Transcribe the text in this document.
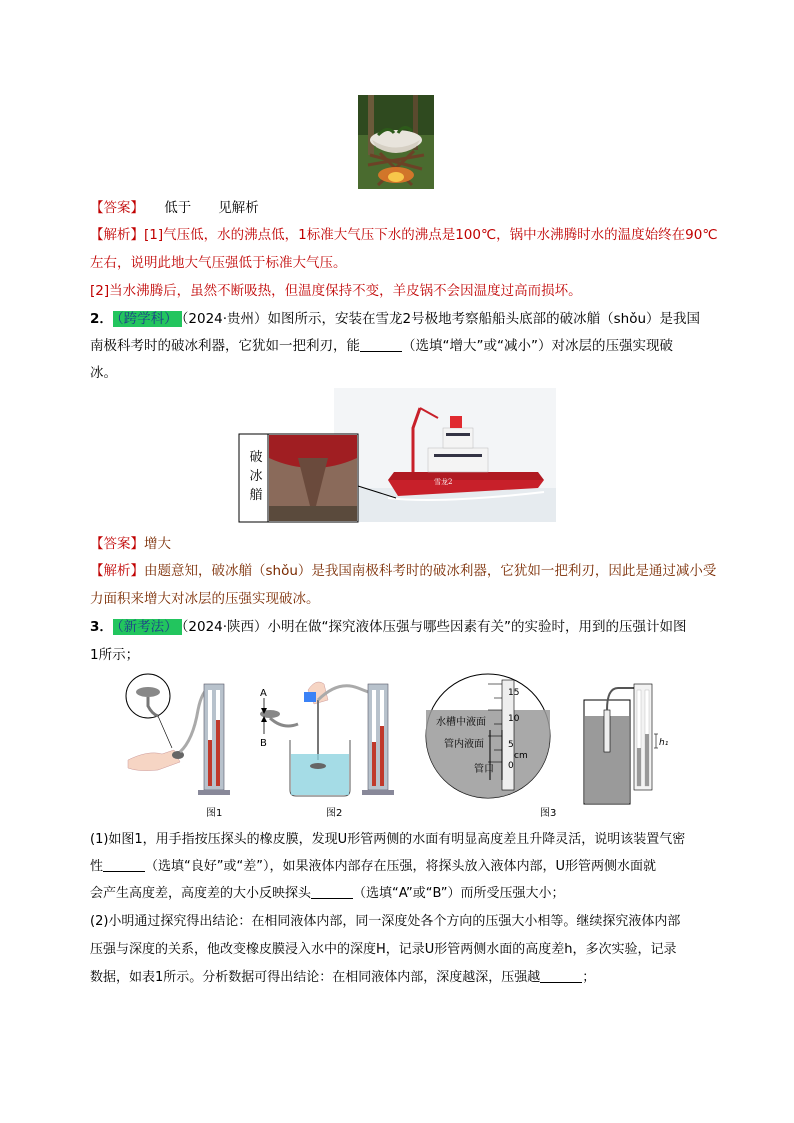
【答案】　　低于　　见解析
【解析】[1]气压低，水的沸点低，1标准大气压下水的沸点是100℃，锅中水沸腾时水的温度始终在90℃
左右，说明此地大气压强低于标准大气压。
[2]当水沸腾后，虽然不断吸热，但温度保持不变，羊皮锅不会因温度过高而损坏。
2． （跨学科） （2024·贵州）如图所示，安装在雪龙2号极地考察船船头底部的破冰艏（shǒu）是我国
南极科考时的破冰利器，它犹如一把利刃，能	（选填“增大”或“减小”）对冰层的压强实现破
冰。
雪龙2
破
冰
艏
【答案】增大
【解析】由题意知，破冰艏（shǒu）是我国南极科考时的破冰利器，它犹如一把利刃，因此是通过减小受
力面积来增大对冰层的压强实现破冰。
3． （新考法） （2024·陕西）小明在做“探究液体压强与哪些因素有关”的实验时，用到的压强计如图
1所示；
图1
A
B
图2
15
10
5
0
cm
水槽中液面
管内液面
管口
h₁
图3
(1)如图1，用手指按压探头的橡皮膜，发现U形管两侧的水面有明显高度差且升降灵活，说明该装置气密
性	（选填“良好”或“差”），如果液体内部存在压强，将探头放入液体内部，U形管两侧水面就
会产生高度差，高度差的大小反映探头	（选填“A”或“B”）而所受压强大小；
(2)小明通过探究得出结论：在相同液体内部，同一深度处各个方向的压强大小相等。继续探究液体内部
压强与深度的关系，他改变橡皮膜浸入水中的深度H，记录U形管两侧水面的高度差h，多次实验，记录
数据，如表1所示。分析数据可得出结论：在相同液体内部，深度越深，压强越	；
